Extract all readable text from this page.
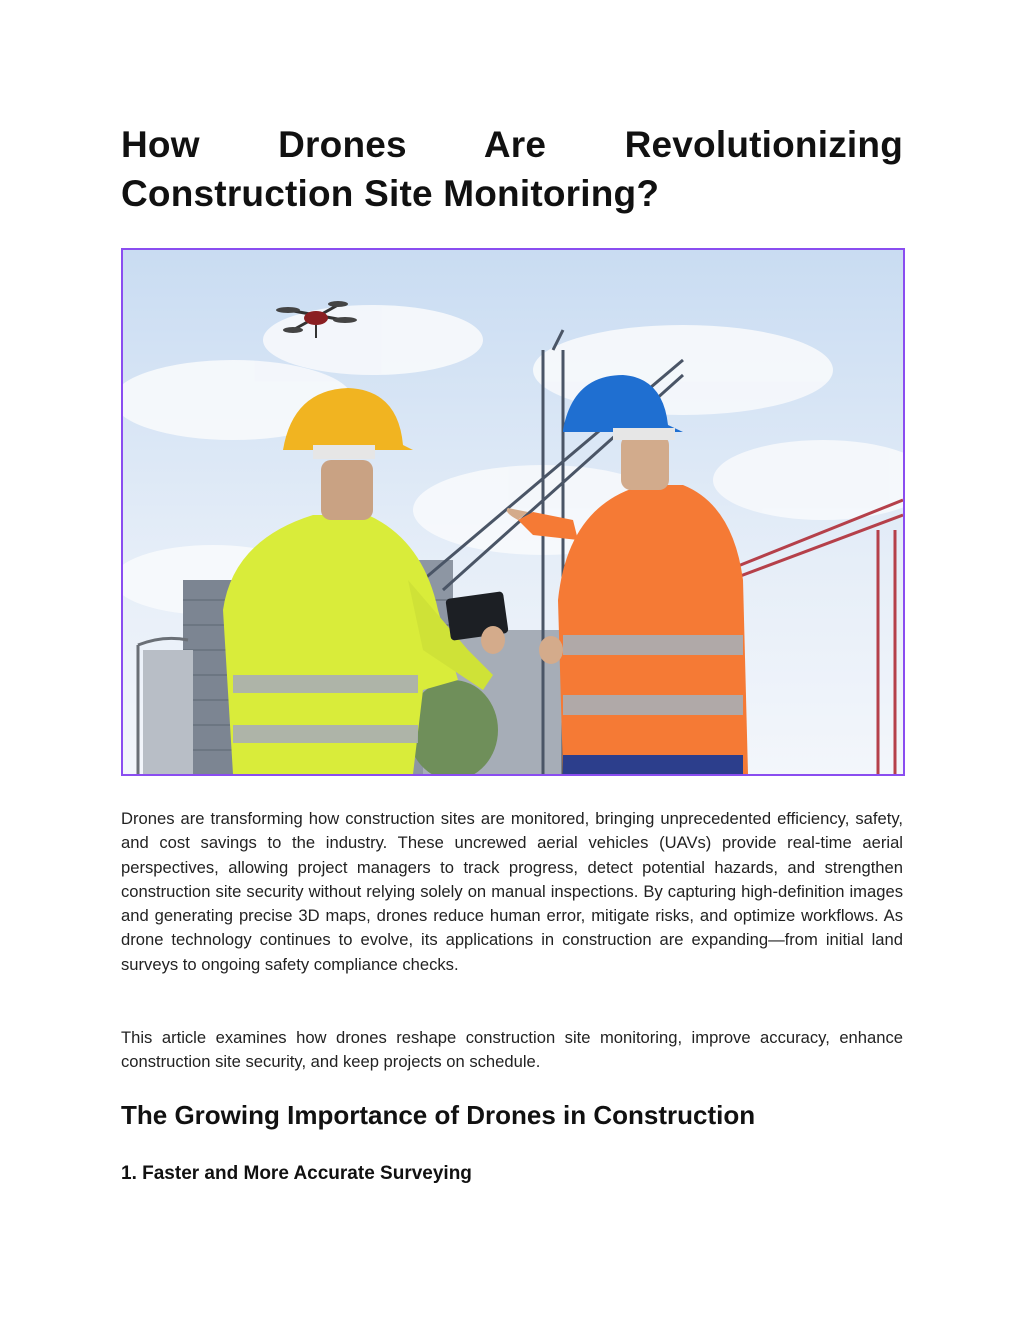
How Drones Are Revolutionizing
Construction Site Monitoring?

Drones are transforming how construction sites are monitored, bringing unprecedented efficiency, safety, and cost savings to the industry. These uncrewed aerial vehicles (UAVs) provide real-time aerial perspectives, allowing project managers to track progress, detect potential hazards, and strengthen construction site security without relying solely on manual inspections. By capturing high-definition images and generating precise 3D maps, drones reduce human error, mitigate risks, and optimize workflows. As drone technology continues to evolve, its applications in construction are expanding—from initial land surveys to ongoing safety compliance checks.

This article examines how drones reshape construction site monitoring, improve accuracy, enhance construction site security, and keep projects on schedule.

The Growing Importance of Drones in Construction
1. Faster and More Accurate Surveying
